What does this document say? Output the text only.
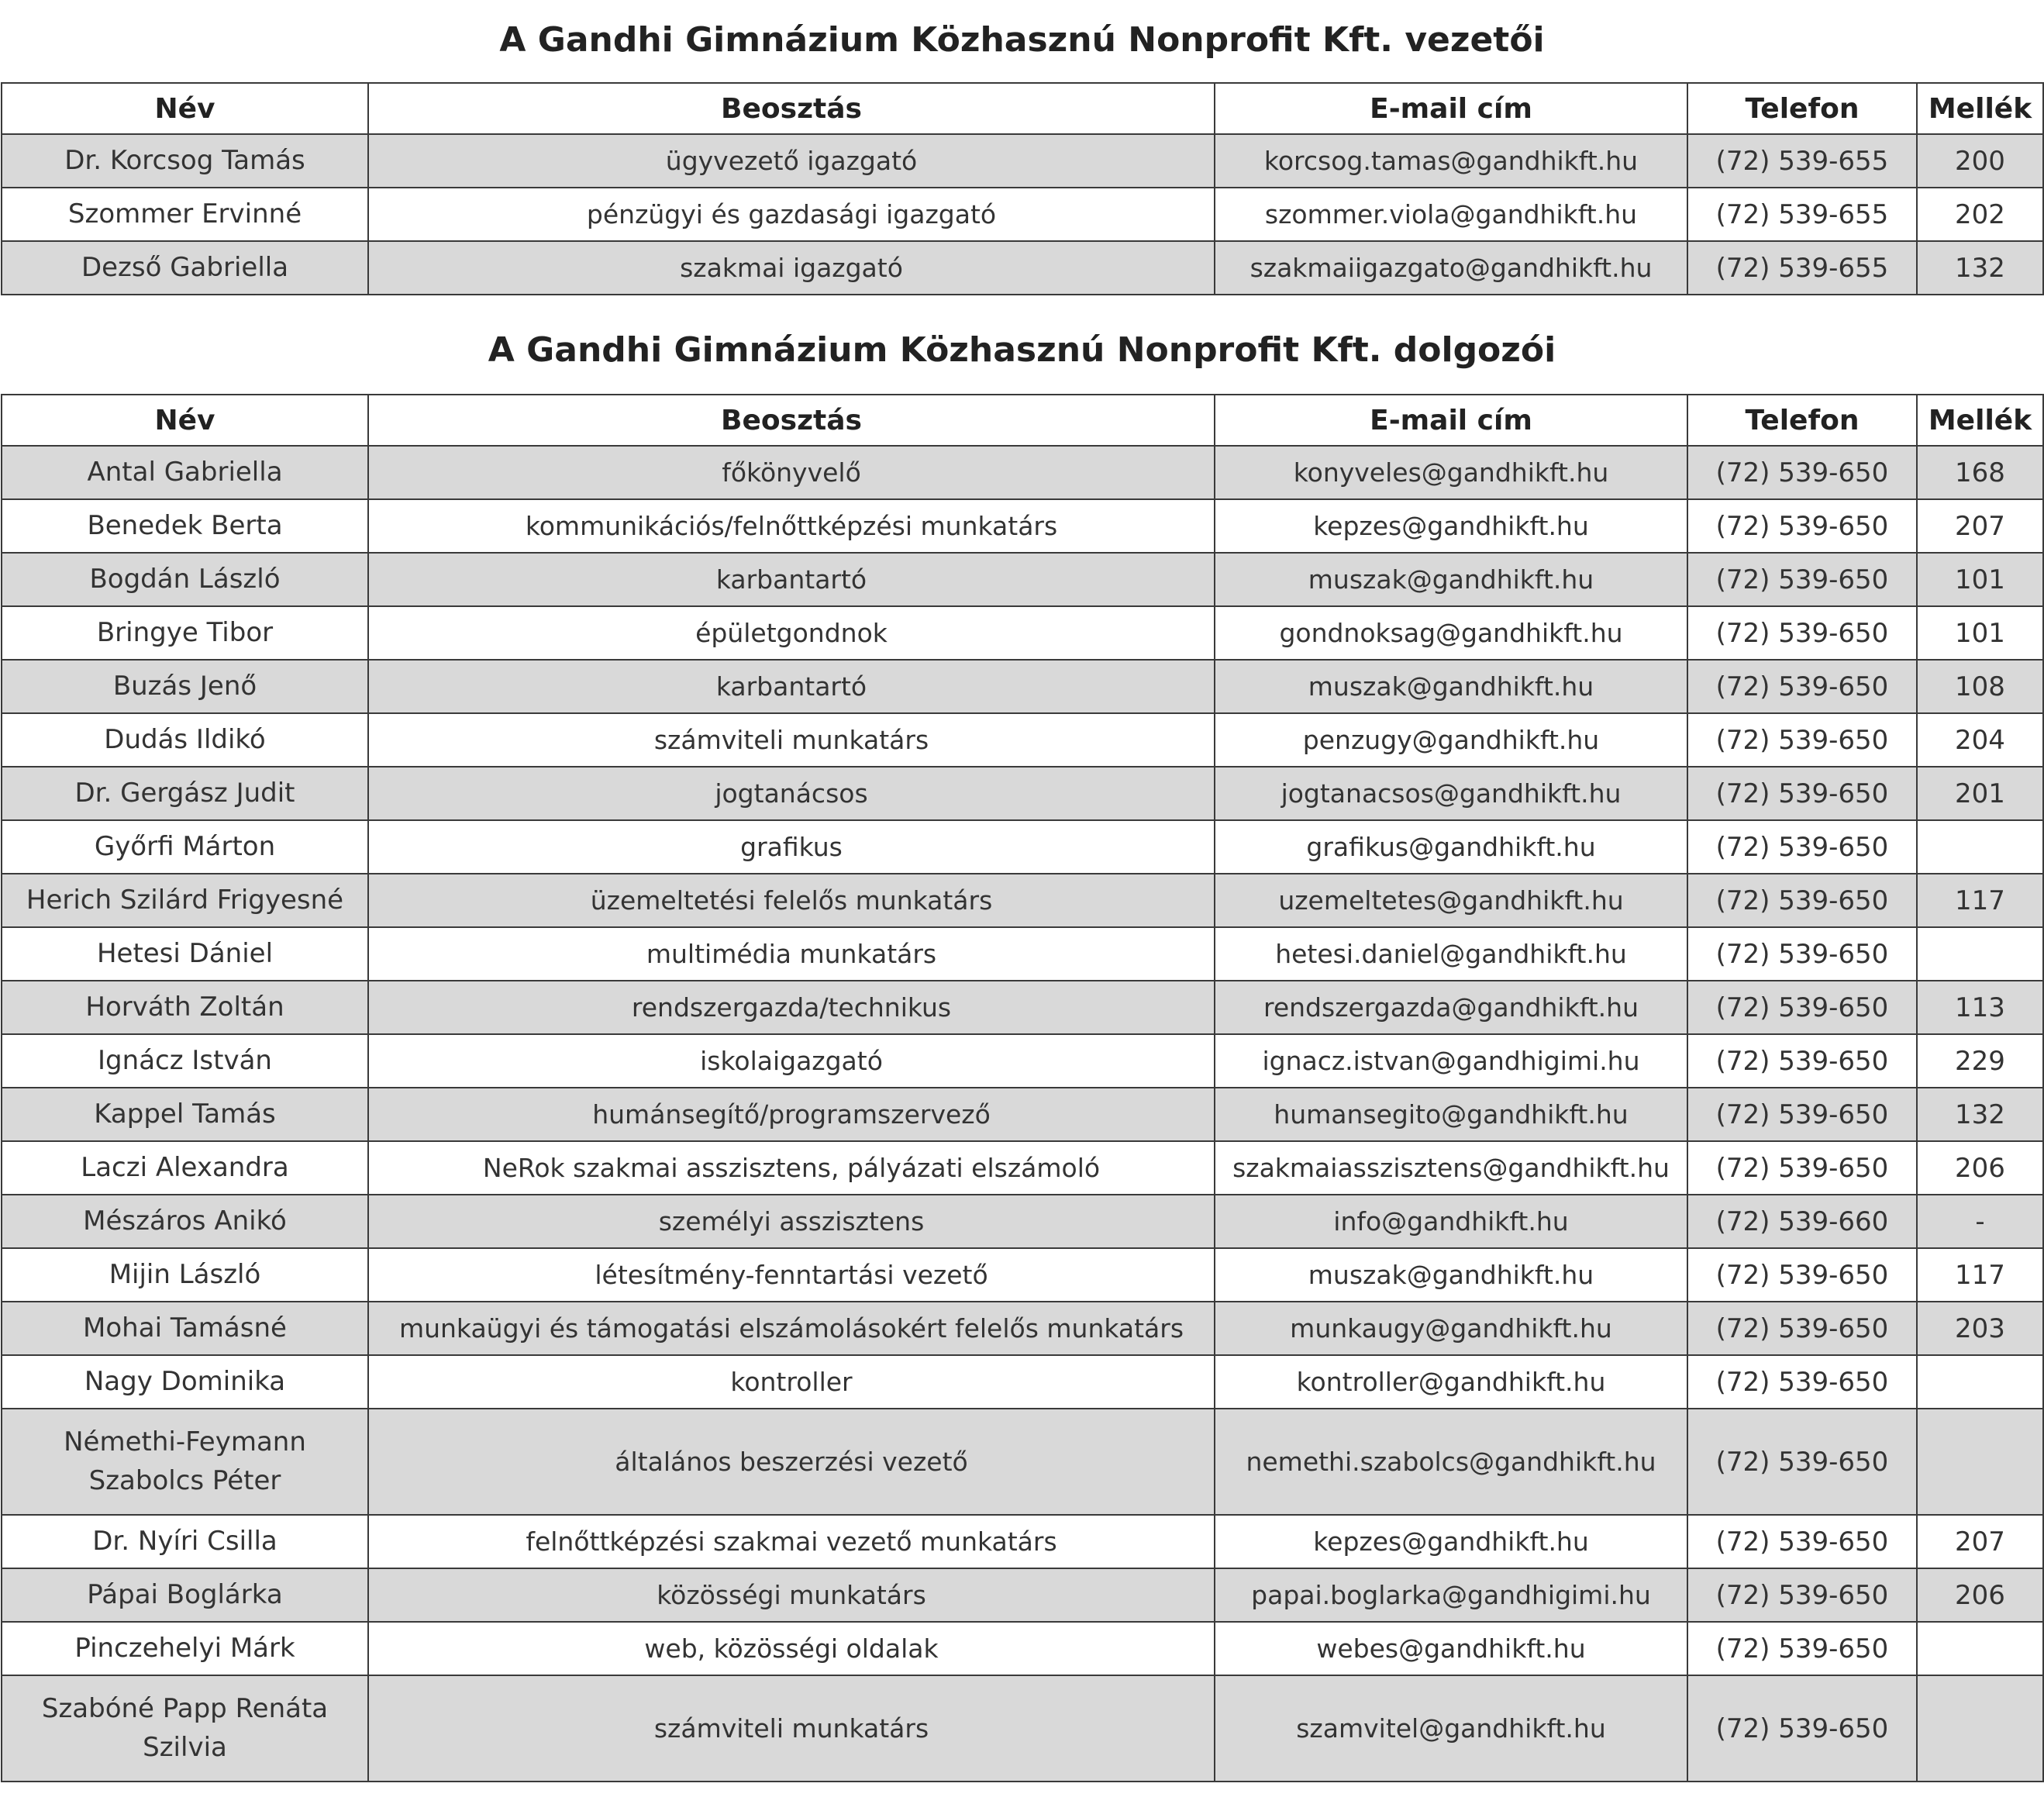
A Gandhi Gimnázium Közhasznú Nonprofit Kft. vezetői
Név	Beosztás	E-mail cím	Telefon	Mellék
Dr. Korcsog Tamás	ügyvezető igazgató	korcsog.tamas@gandhikft.hu	(72) 539-655	200
Szommer Ervinné	pénzügyi és gazdasági igazgató	szommer.viola@gandhikft.hu	(72) 539-655	202
Dezső Gabriella	szakmai igazgató	szakmaiigazgato@gandhikft.hu	(72) 539-655	132
A Gandhi Gimnázium Közhasznú Nonprofit Kft. dolgozói
Név	Beosztás	E-mail cím	Telefon	Mellék
Antal Gabriella	főkönyvelő	konyveles@gandhikft.hu	(72) 539-650	168
Benedek Berta	kommunikációs/felnőttképzési munkatárs	kepzes@gandhikft.hu	(72) 539-650	207
Bogdán László	karbantartó	muszak@gandhikft.hu	(72) 539-650	101
Bringye Tibor	épületgondnok	gondnoksag@gandhikft.hu	(72) 539-650	101
Buzás Jenő	karbantartó	muszak@gandhikft.hu	(72) 539-650	108
Dudás Ildikó	számviteli munkatárs	penzugy@gandhikft.hu	(72) 539-650	204
Dr. Gergász Judit	jogtanácsos	jogtanacsos@gandhikft.hu	(72) 539-650	201
Győrfi Márton	grafikus	grafikus@gandhikft.hu	(72) 539-650	
Herich Szilárd Frigyesné	üzemeltetési felelős munkatárs	uzemeltetes@gandhikft.hu	(72) 539-650	117
Hetesi Dániel	multimédia munkatárs	hetesi.daniel@gandhikft.hu	(72) 539-650	
Horváth Zoltán	rendszergazda/technikus	rendszergazda@gandhikft.hu	(72) 539-650	113
Ignácz István	iskolaigazgató	ignacz.istvan@gandhigimi.hu	(72) 539-650	229
Kappel Tamás	humánsegítő/programszervező	humansegito@gandhikft.hu	(72) 539-650	132
Laczi Alexandra	NeRok szakmai asszisztens, pályázati elszámoló	szakmaiasszisztens@gandhikft.hu	(72) 539-650	206
Mészáros Anikó	személyi asszisztens	info@gandhikft.hu	(72) 539-660	-
Mijin László	létesítmény-fenntartási vezető	muszak@gandhikft.hu	(72) 539-650	117
Mohai Tamásné	munkaügyi és támogatási elszámolásokért felelős munkatárs	munkaugy@gandhikft.hu	(72) 539-650	203
Nagy Dominika	kontroller	kontroller@gandhikft.hu	(72) 539-650	
Némethi-Feymann Szabolcs Péter	általános beszerzési vezető	nemethi.szabolcs@gandhikft.hu	(72) 539-650	
Dr. Nyíri Csilla	felnőttképzési szakmai vezető munkatárs	kepzes@gandhikft.hu	(72) 539-650	207
Pápai Boglárka	közösségi munkatárs	papai.boglarka@gandhigimi.hu	(72) 539-650	206
Pinczehelyi Márk	web, közösségi oldalak	webes@gandhikft.hu	(72) 539-650	
Szabóné Papp Renáta Szilvia	számviteli munkatárs	szamvitel@gandhikft.hu	(72) 539-650	
